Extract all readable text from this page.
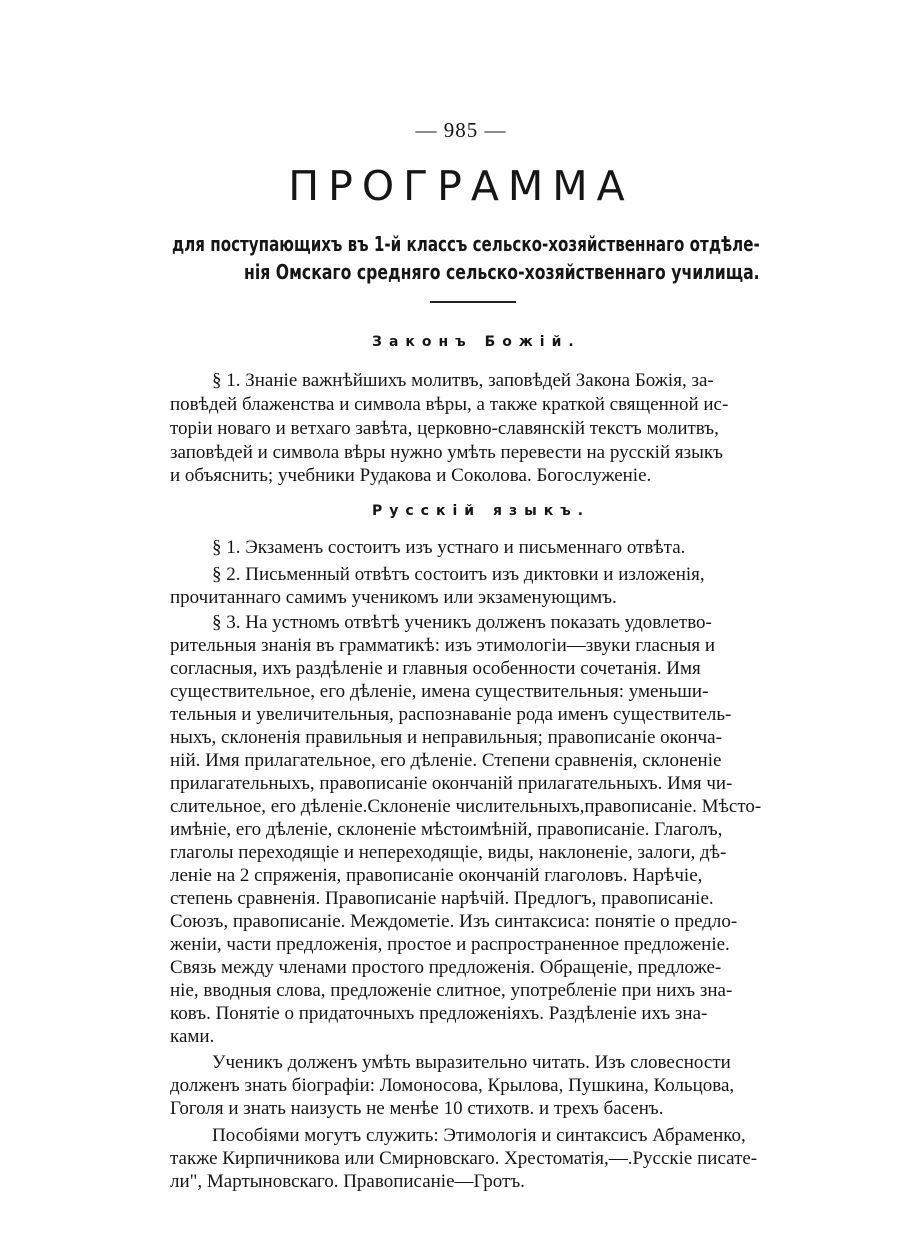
— 985 —
ПРОГРАММА
для поступающихъ въ 1-й классъ сельско-хозяйственнаго отдѣле-
нія Омскаго средняго сельско-хозяйственнаго училища.
Законъ Божій.
§ 1. Знаніе важнѣйшихъ молитвъ, заповѣдей Закона Божія, за-
повѣдей блаженства и символа вѣры, а также краткой священной ис-
торіи новаго и ветхаго завѣта, церковно-славянскій текстъ молитвъ,
заповѣдей и символа вѣры нужно умѣть перевести на русскій языкъ
и объяснить; учебники Рудакова и Соколова. Богослуженіе.
Русскій языкъ.
§ 1. Экзаменъ состоитъ изъ устнаго и письменнаго отвѣта.
§ 2. Письменный отвѣтъ состоитъ изъ диктовки и изложенія,
прочитаннаго самимъ ученикомъ или экзаменующимъ.
§ 3. На устномъ отвѣтѣ ученикъ долженъ показать удовлетво-
рительныя знанія въ грамматикѣ: изъ этимологіи—звуки гласныя и
согласныя, ихъ раздѣленіе и главныя особенности сочетанія. Имя
существительное, его дѣленіе, имена существительныя: уменьши-
тельныя и увеличительныя, распознаваніе рода именъ существитель-
ныхъ, склоненія правильныя и неправильныя; правописаніе оконча-
ній. Имя прилагательное, его дѣленіе. Степени сравненія, склоненіе
прилагательныхъ, правописаніе окончаній прилагательныхъ. Имя чи-
слительное, его дѣленіе.Склоненіе числительныхъ,правописаніе. Мѣсто-
имѣніе, его дѣленіе, склоненіе мѣстоимѣній, правописаніе. Глаголъ,
глаголы переходящіе и непереходящіе, виды, наклоненіе, залоги, дѣ-
леніе на 2 спряженія, правописаніе окончаній глаголовъ. Нарѣчіе,
степень сравненія. Правописаніе нарѣчій. Предлогъ, правописаніе.
Союзъ, правописаніе. Междометіе. Изъ синтаксиса: понятіе о предло-
женіи, части предложенія, простое и распространенное предложеніе.
Связь между членами простого предложенія. Обращеніе, предложе-
ніе, вводныя слова, предложеніе слитное, употребленіе при нихъ зна-
ковъ. Понятіе о придаточныхъ предложеніяхъ. Раздѣленіе ихъ зна-
ками.
Ученикъ долженъ умѣть выразительно читать. Изъ словесности
долженъ знать біографіи: Ломоносова, Крылова, Пушкина, Кольцова,
Гоголя и знать наизусть не менѣе 10 стихотв. и трехъ басенъ.
Пособіями могутъ служить: Этимологія и синтаксисъ Абраменко,
также Кирпичникова или Смирновскаго. Хрестоматія,—.Русскіе писате-
ли", Мартыновскаго. Правописаніе—Гротъ.
